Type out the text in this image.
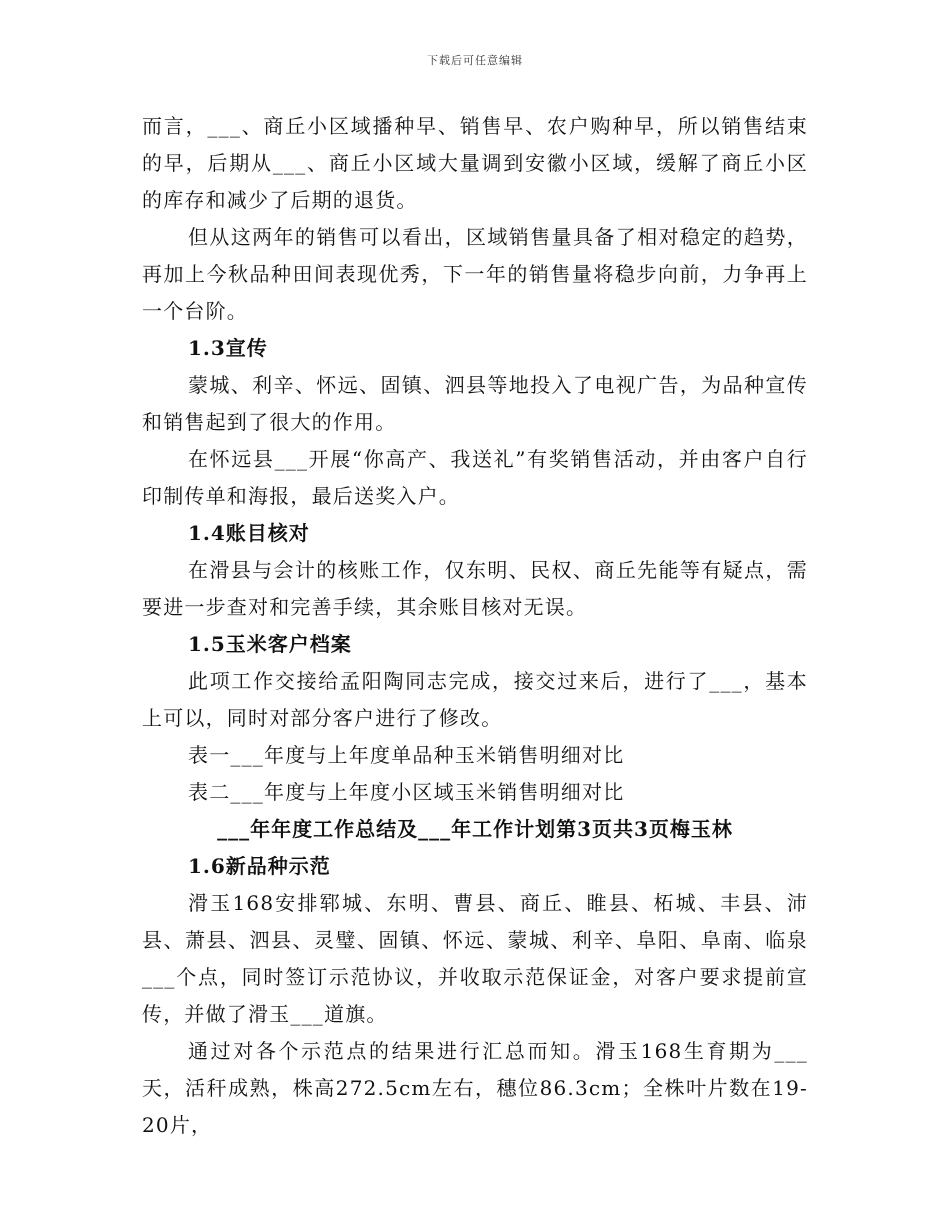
下载后可任意编辑

而言，___、商丘小区域播种早、销售早、农户购种早，所以销售结束的早，后期从___、商丘小区域大量调到安徽小区域，缓解了商丘小区的库存和减少了后期的退货。

但从这两年的销售可以看出，区域销售量具备了相对稳定的趋势，再加上今秋品种田间表现优秀，下一年的销售量将稳步向前，力争再上一个台阶。

1.3宣传

蒙城、利辛、怀远、固镇、泗县等地投入了电视广告，为品种宣传和销售起到了很大的作用。

在怀远县___开展“你高产、我送礼”有奖销售活动，并由客户自行印制传单和海报，最后送奖入户。

1.4账目核对

在滑县与会计的核账工作，仅东明、民权、商丘先能等有疑点，需要进一步查对和完善手续，其余账目核对无误。

1.5玉米客户档案

此项工作交接给孟阳陶同志完成，接交过来后，进行了___，基本上可以，同时对部分客户进行了修改。

表一___年度与上年度单品种玉米销售明细对比

表二___年度与上年度小区域玉米销售明细对比

___年年度工作总结及___年工作计划第3页共3页梅玉林

1.6新品种示范

滑玉168安排郓城、东明、曹县、商丘、睢县、柘城、丰县、沛县、萧县、泗县、灵璧、固镇、怀远、蒙城、利辛、阜阳、阜南、临泉___个点，同时签订示范协议，并收取示范保证金，对客户要求提前宣传，并做了滑玉___道旗。

通过对各个示范点的结果进行汇总而知。滑玉168生育期为___天，活秆成熟，株高272.5cm左右，穗位86.3cm；全株叶片数在19-20片，
